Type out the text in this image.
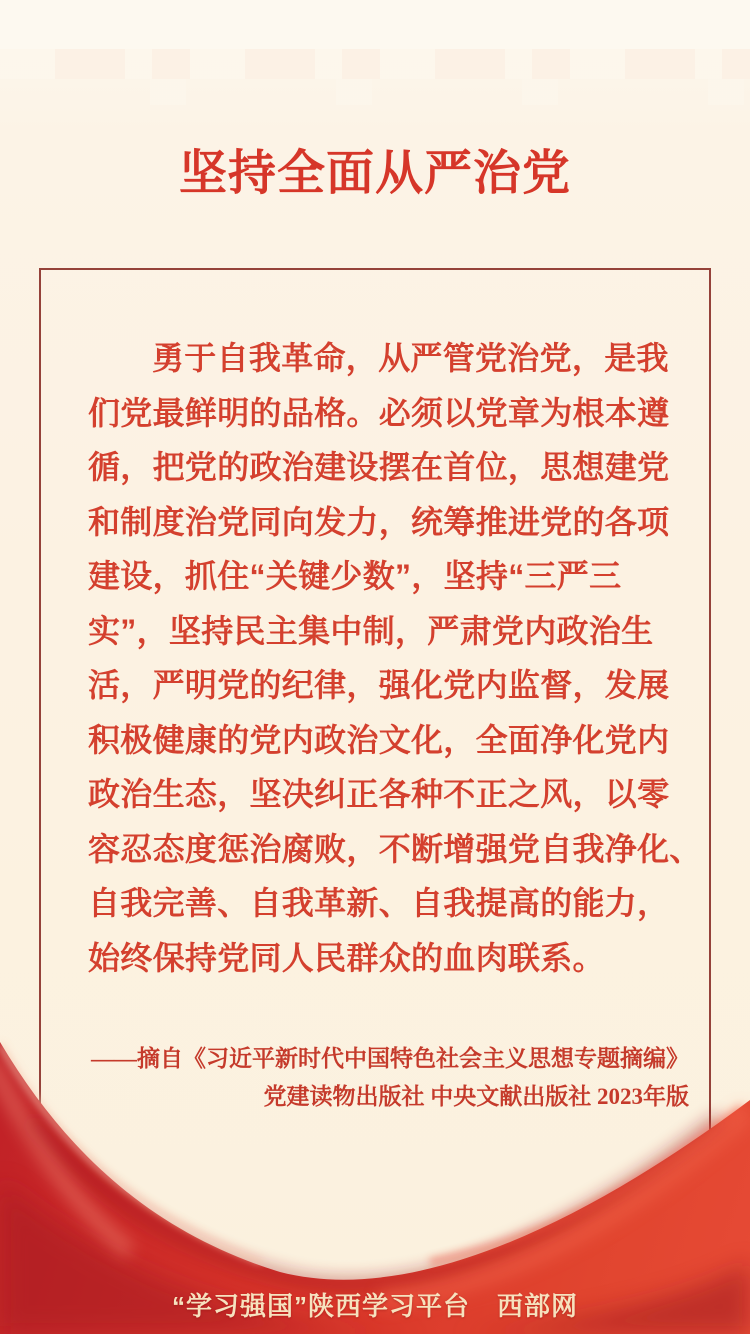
坚持全面从严治党
勇于自我革命，从严管党治党，是我
们党最鲜明的品格。必须以党章为根本遵
循，把党的政治建设摆在首位，思想建党
和制度治党同向发力，统筹推进党的各项
建设，抓住“关键少数”，坚持“三严三
实”，坚持民主集中制，严肃党内政治生
活，严明党的纪律，强化党内监督，发展
积极健康的党内政治文化，全面净化党内
政治生态，坚决纠正各种不正之风，以零
容忍态度惩治腐败，不断增强党自我净化、
自我完善、自我革新、自我提高的能力，
始终保持党同人民群众的血肉联系。
——摘自《习近平新时代中国特色社会主义思想专题摘编》
党建读物出版社 中央文献出版社 2023年版
“学习强国”陕西学习平台　西部网
